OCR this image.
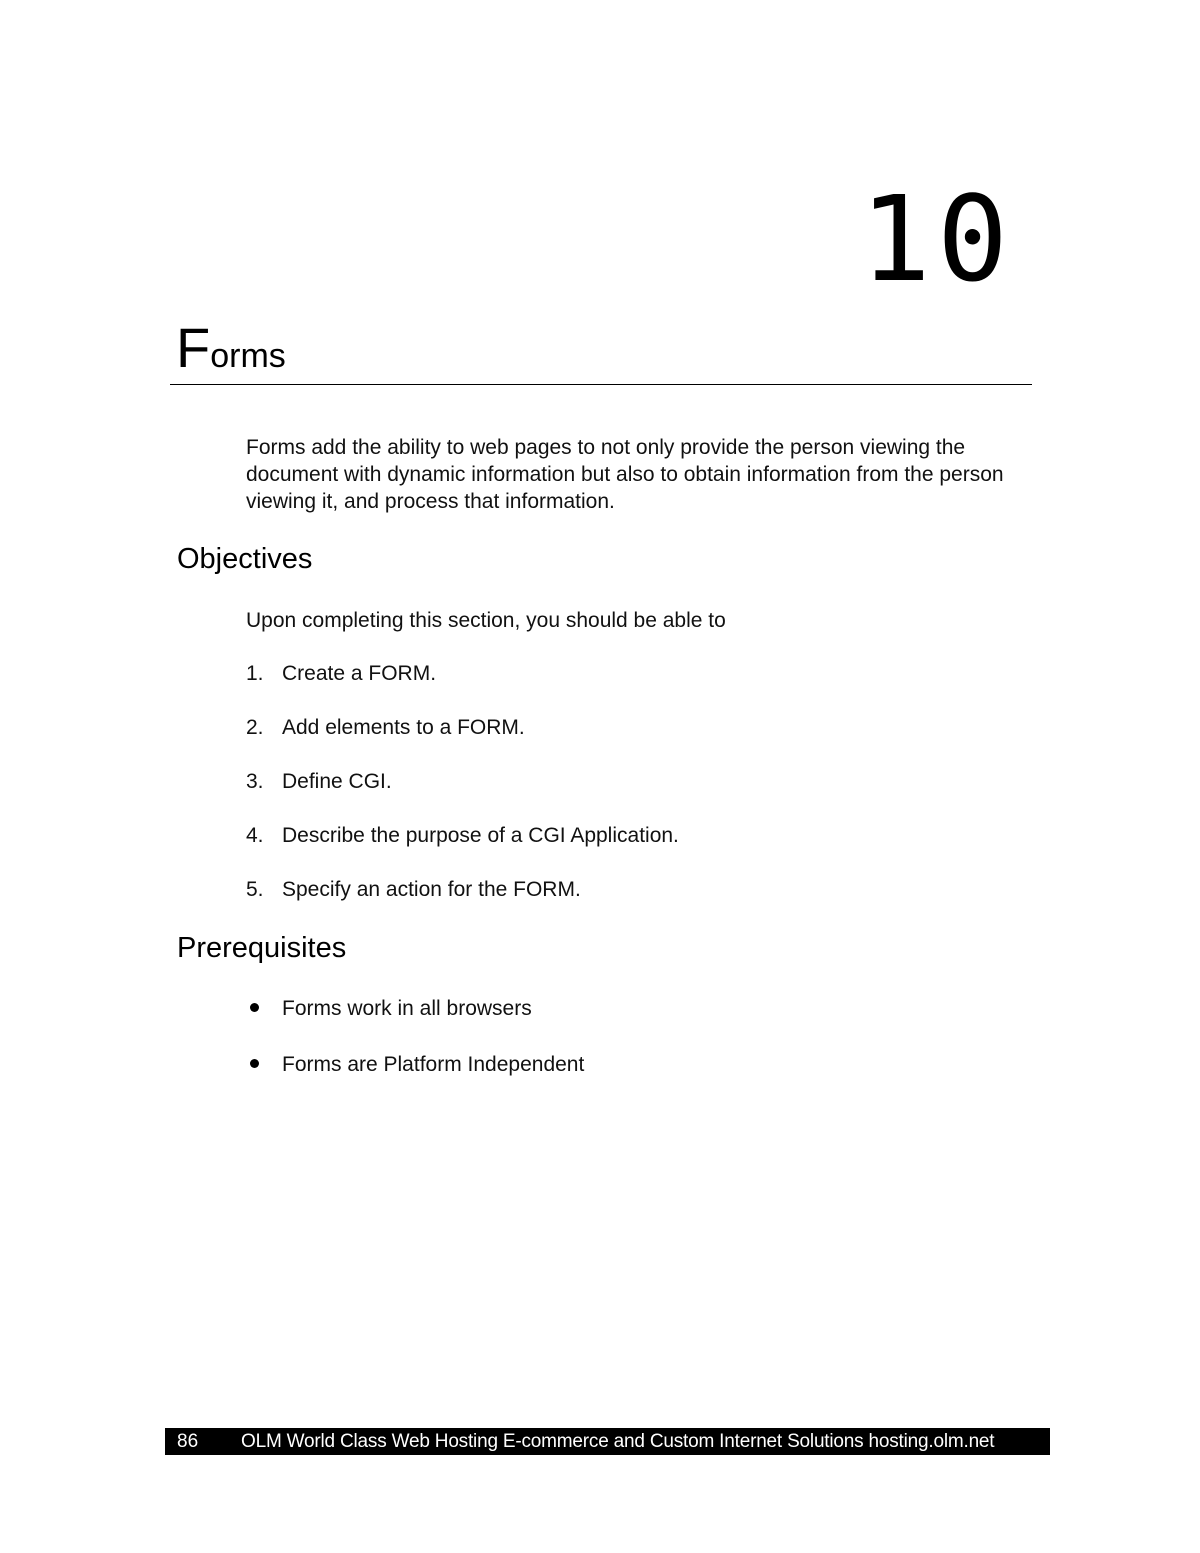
10
Forms

Forms add the ability to web pages to not only provide the person viewing the document with dynamic information but also to obtain information from the person viewing it, and process that information.

Objectives

Upon completing this section, you should be able to

1. Create a FORM.
2. Add elements to a FORM.
3. Define CGI.
4. Describe the purpose of a CGI Application.
5. Specify an action for the FORM.
Prerequisites
Forms work in all browsers
Forms are Platform Independent
86 OLM World Class Web Hosting E-commerce and Custom Internet Solutions hosting.olm.net
